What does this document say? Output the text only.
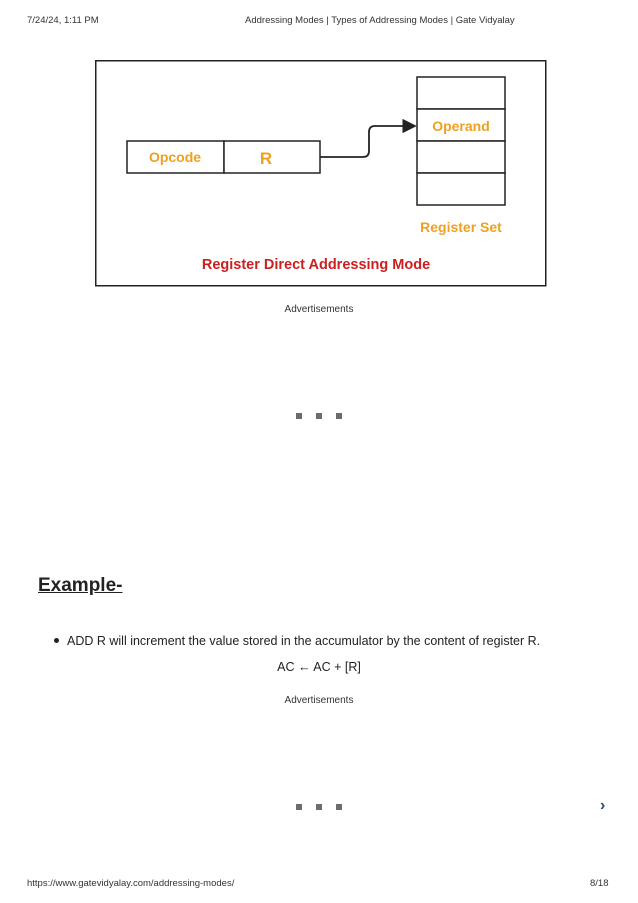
7/24/24, 1:11 PM	Addressing Modes | Types of Addressing Modes | Gate Vidyalay
Opcode	R
Operand
Register Set
Register Direct Addressing Mode
Advertisements
Example-
ADD R will increment the value stored in the accumulator by the content of register R.
AC ← AC + [R]
Advertisements
›
https://www.gatevidyalay.com/addressing-modes/	8/18
